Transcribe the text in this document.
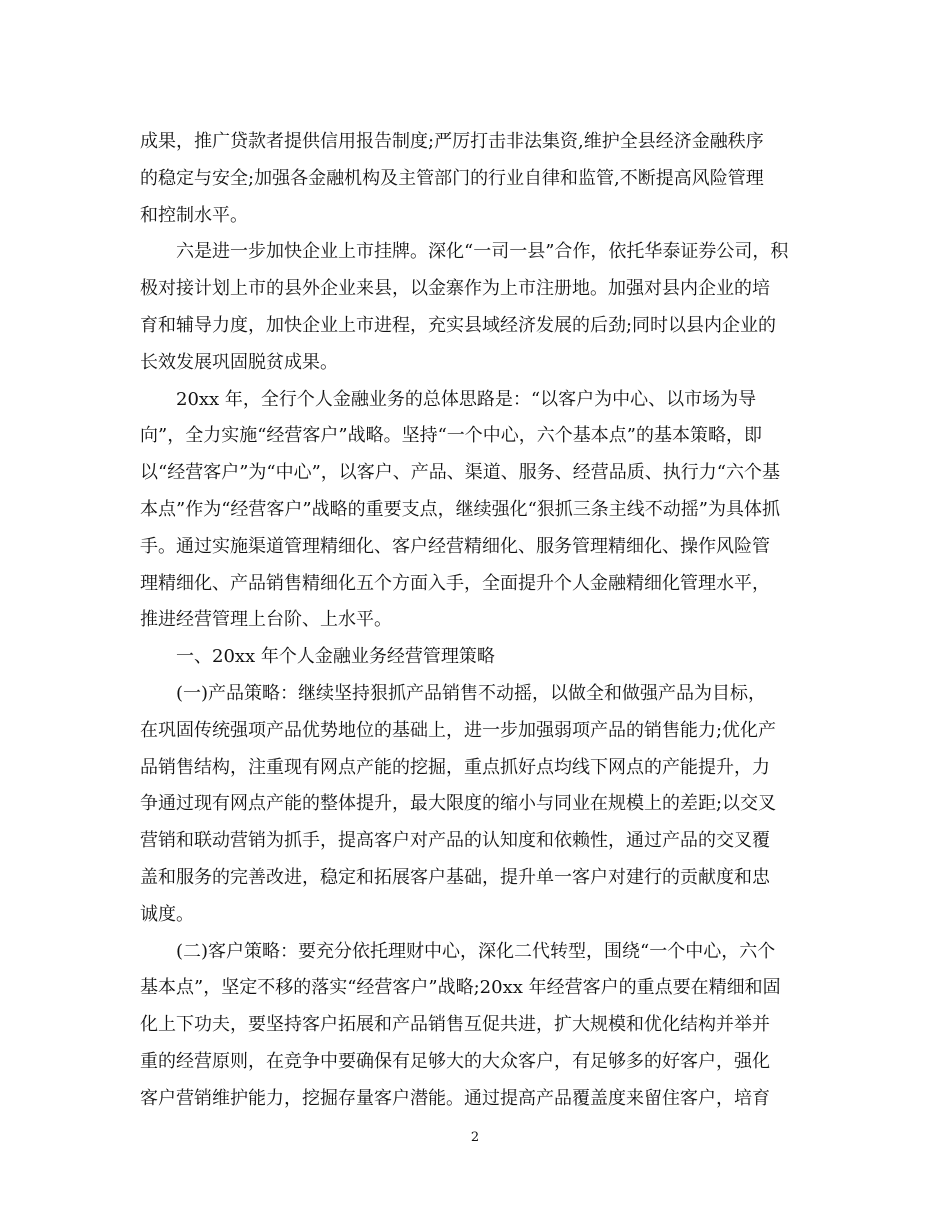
成果，推广贷款者提供信用报告制度;严厉打击非法集资,维护全县经济金融秩序
的稳定与安全;加强各金融机构及主管部门的行业自律和监管,不断提高风险管理
和控制水平。
六是进一步加快企业上市挂牌。深化“一司一县”合作，依托华泰证券公司，积
极对接计划上市的县外企业来县，以金寨作为上市注册地。加强对县内企业的培
育和辅导力度，加快企业上市进程，充实县域经济发展的后劲;同时以县内企业的
长效发展巩固脱贫成果。
20xx 年，全行个人金融业务的总体思路是：“以客户为中心、以市场为导
向”，全力实施“经营客户”战略。坚持“一个中心，六个基本点”的基本策略，即
以“经营客户”为“中心”，以客户、产品、渠道、服务、经营品质、执行力“六个基
本点”作为“经营客户”战略的重要支点，继续强化“狠抓三条主线不动摇”为具体抓
手。通过实施渠道管理精细化、客户经营精细化、服务管理精细化、操作风险管
理精细化、产品销售精细化五个方面入手，全面提升个人金融精细化管理水平，
推进经营管理上台阶、上水平。
一、20xx 年个人金融业务经营管理策略
(一)产品策略：继续坚持狠抓产品销售不动摇，以做全和做强产品为目标，
在巩固传统强项产品优势地位的基础上，进一步加强弱项产品的销售能力;优化产
品销售结构，注重现有网点产能的挖掘，重点抓好点均线下网点的产能提升，力
争通过现有网点产能的整体提升，最大限度的缩小与同业在规模上的差距;以交叉
营销和联动营销为抓手，提高客户对产品的认知度和依赖性，通过产品的交叉覆
盖和服务的完善改进，稳定和拓展客户基础，提升单一客户对建行的贡献度和忠
诚度。
(二)客户策略：要充分依托理财中心，深化二代转型，围绕“一个中心，六个
基本点”，坚定不移的落实“经营客户”战略;20xx 年经营客户的重点要在精细和固
化上下功夫，要坚持客户拓展和产品销售互促共进，扩大规模和优化结构并举并
重的经营原则，在竞争中要确保有足够大的大众客户，有足够多的好客户，强化
客户营销维护能力，挖掘存量客户潜能。通过提高产品覆盖度来留住客户，培育
2
